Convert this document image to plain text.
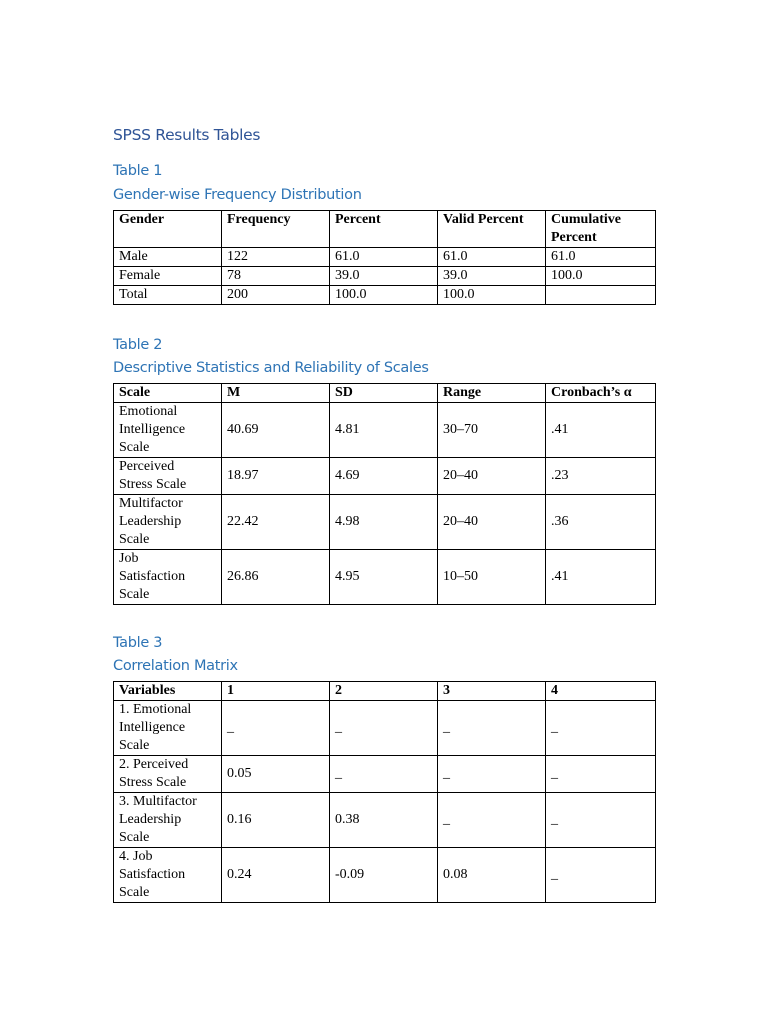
SPSS Results Tables
Table 1
Gender-wise Frequency Distribution
Gender	Frequency	Percent	Valid Percent	Cumulative
Percent
Male	122	61.0	61.0	61.0
Female	78	39.0	39.0	100.0
Total	200	100.0	100.0	
Table 2
Descriptive Statistics and Reliability of Scales
Scale	M	SD	Range	Cronbach’s α
Emotional
Intelligence
Scale	40.69	4.81	30–70	.41
Perceived
Stress Scale	18.97	4.69	20–40	.23
Multifactor
Leadership
Scale	22.42	4.98	20–40	.36
Job
Satisfaction
Scale	26.86	4.95	10–50	.41
Table 3
Correlation Matrix
Variables	1	2	3	4
1. Emotional
Intelligence
Scale	_	_	_	_
2. Perceived
Stress Scale	0.05	_	_	_
3. Multifactor
Leadership
Scale	0.16	0.38	_	_
4. Job
Satisfaction
Scale	0.24	-0.09	0.08	_
